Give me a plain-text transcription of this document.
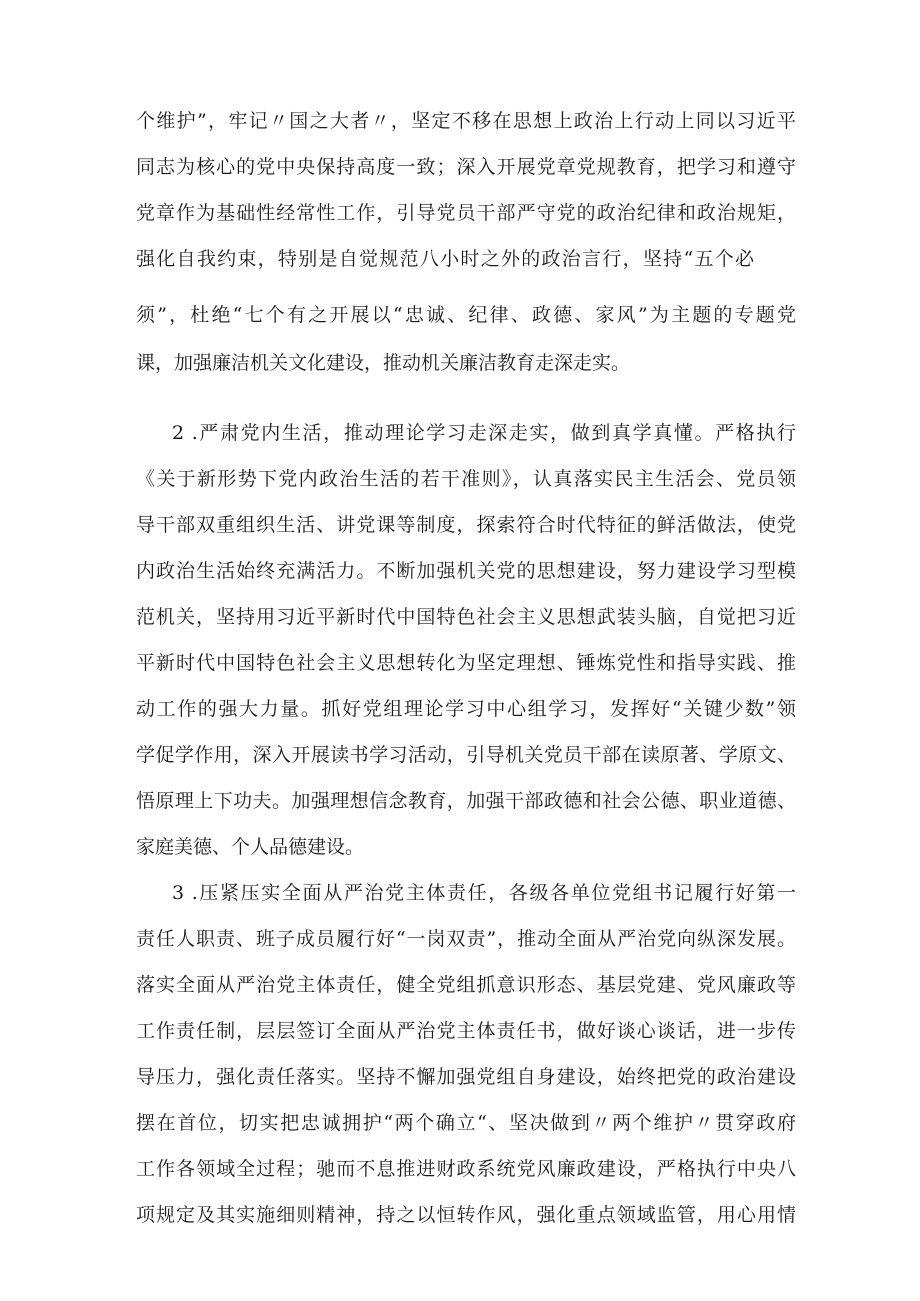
个维护”，牢记〃国之大者〃，坚定不移在思想上政治上行动上同以习近平
同志为核心的党中央保持高度一致；深入开展党章党规教育，把学习和遵守
党章作为基础性经常性工作，引导党员干部严守党的政治纪律和政治规矩，
强化自我约束，特别是自觉规范八小时之外的政治言行，坚持“五个必
须”，杜绝“七个有之开展以“忠诚、纪律、政德、家风”为主题的专题党
课，加强廉洁机关文化建设，推动机关廉洁教育走深走实。
2 .严肃党内生活，推动理论学习走深走实，做到真学真懂。严格执行
《关于新形势下党内政治生活的若干准则》，认真落实民主生活会、党员领
导干部双重组织生活、讲党课等制度，探索符合时代特征的鲜活做法，使党
内政治生活始终充满活力。不断加强机关党的思想建设，努力建设学习型模
范机关，坚持用习近平新时代中国特色社会主义思想武装头脑，自觉把习近
平新时代中国特色社会主义思想转化为坚定理想、锤炼党性和指导实践、推
动工作的强大力量。抓好党组理论学习中心组学习，发挥好“关键少数”领
学促学作用，深入开展读书学习活动，引导机关党员干部在读原著、学原文、
悟原理上下功夫。加强理想信念教育，加强干部政德和社会公德、职业道德、
家庭美德、个人品德建设。
3 .压紧压实全面从严治党主体责任，各级各单位党组书记履行好第一
责任人职责、班子成员履行好“一岗双责”，推动全面从严治党向纵深发展。
落实全面从严治党主体责任，健全党组抓意识形态、基层党建、党风廉政等
工作责任制，层层签订全面从严治党主体责任书，做好谈心谈话，进一步传
导压力，强化责任落实。坚持不懈加强党组自身建设，始终把党的政治建设
摆在首位，切实把忠诚拥护“两个确立“、坚决做到〃两个维护〃贯穿政府
工作各领域全过程；驰而不息推进财政系统党风廉政建设，严格执行中央八
项规定及其实施细则精神，持之以恒转作风，强化重点领域监管，用心用情
